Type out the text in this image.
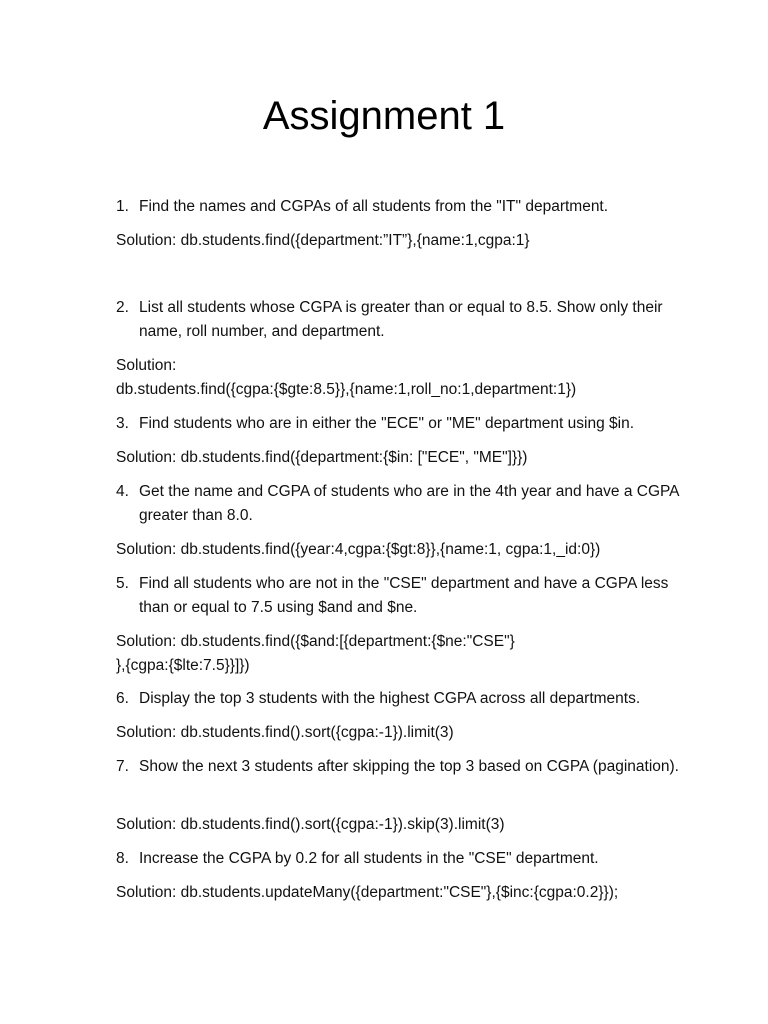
Assignment 1
1. Find the names and CGPAs of all students from the "IT" department.
Solution: db.students.find({department:”IT”},{name:1,cgpa:1}
2. List all students whose CGPA is greater than or equal to 8.5. Show only their name, roll number, and department.
Solution:
db.students.find({cgpa:{$gte:8.5}},{name:1,roll_no:1,department:1})
3. Find students who are in either the "ECE" or "ME" department using $in.
Solution: db.students.find({department:{$in: ["ECE", "ME"]}})
4. Get the name and CGPA of students who are in the 4th year and have a CGPA greater than 8.0.
Solution: db.students.find({year:4,cgpa:{$gt:8}},{name:1, cgpa:1,_id:0})
5. Find all students who are not in the "CSE" department and have a CGPA less than or equal to 7.5 using $and and $ne.
Solution: db.students.find({$and:[{department:{$ne:"CSE"}
},{cgpa:{$lte:7.5}}]})
6. Display the top 3 students with the highest CGPA across all departments.
Solution: db.students.find().sort({cgpa:-1}).limit(3)
7. Show the next 3 students after skipping the top 3 based on CGPA (pagination).
Solution: db.students.find().sort({cgpa:-1}).skip(3).limit(3)
8. Increase the CGPA by 0.2 for all students in the "CSE" department.
Solution: db.students.updateMany({department:"CSE"},{$inc:{cgpa:0.2}});
